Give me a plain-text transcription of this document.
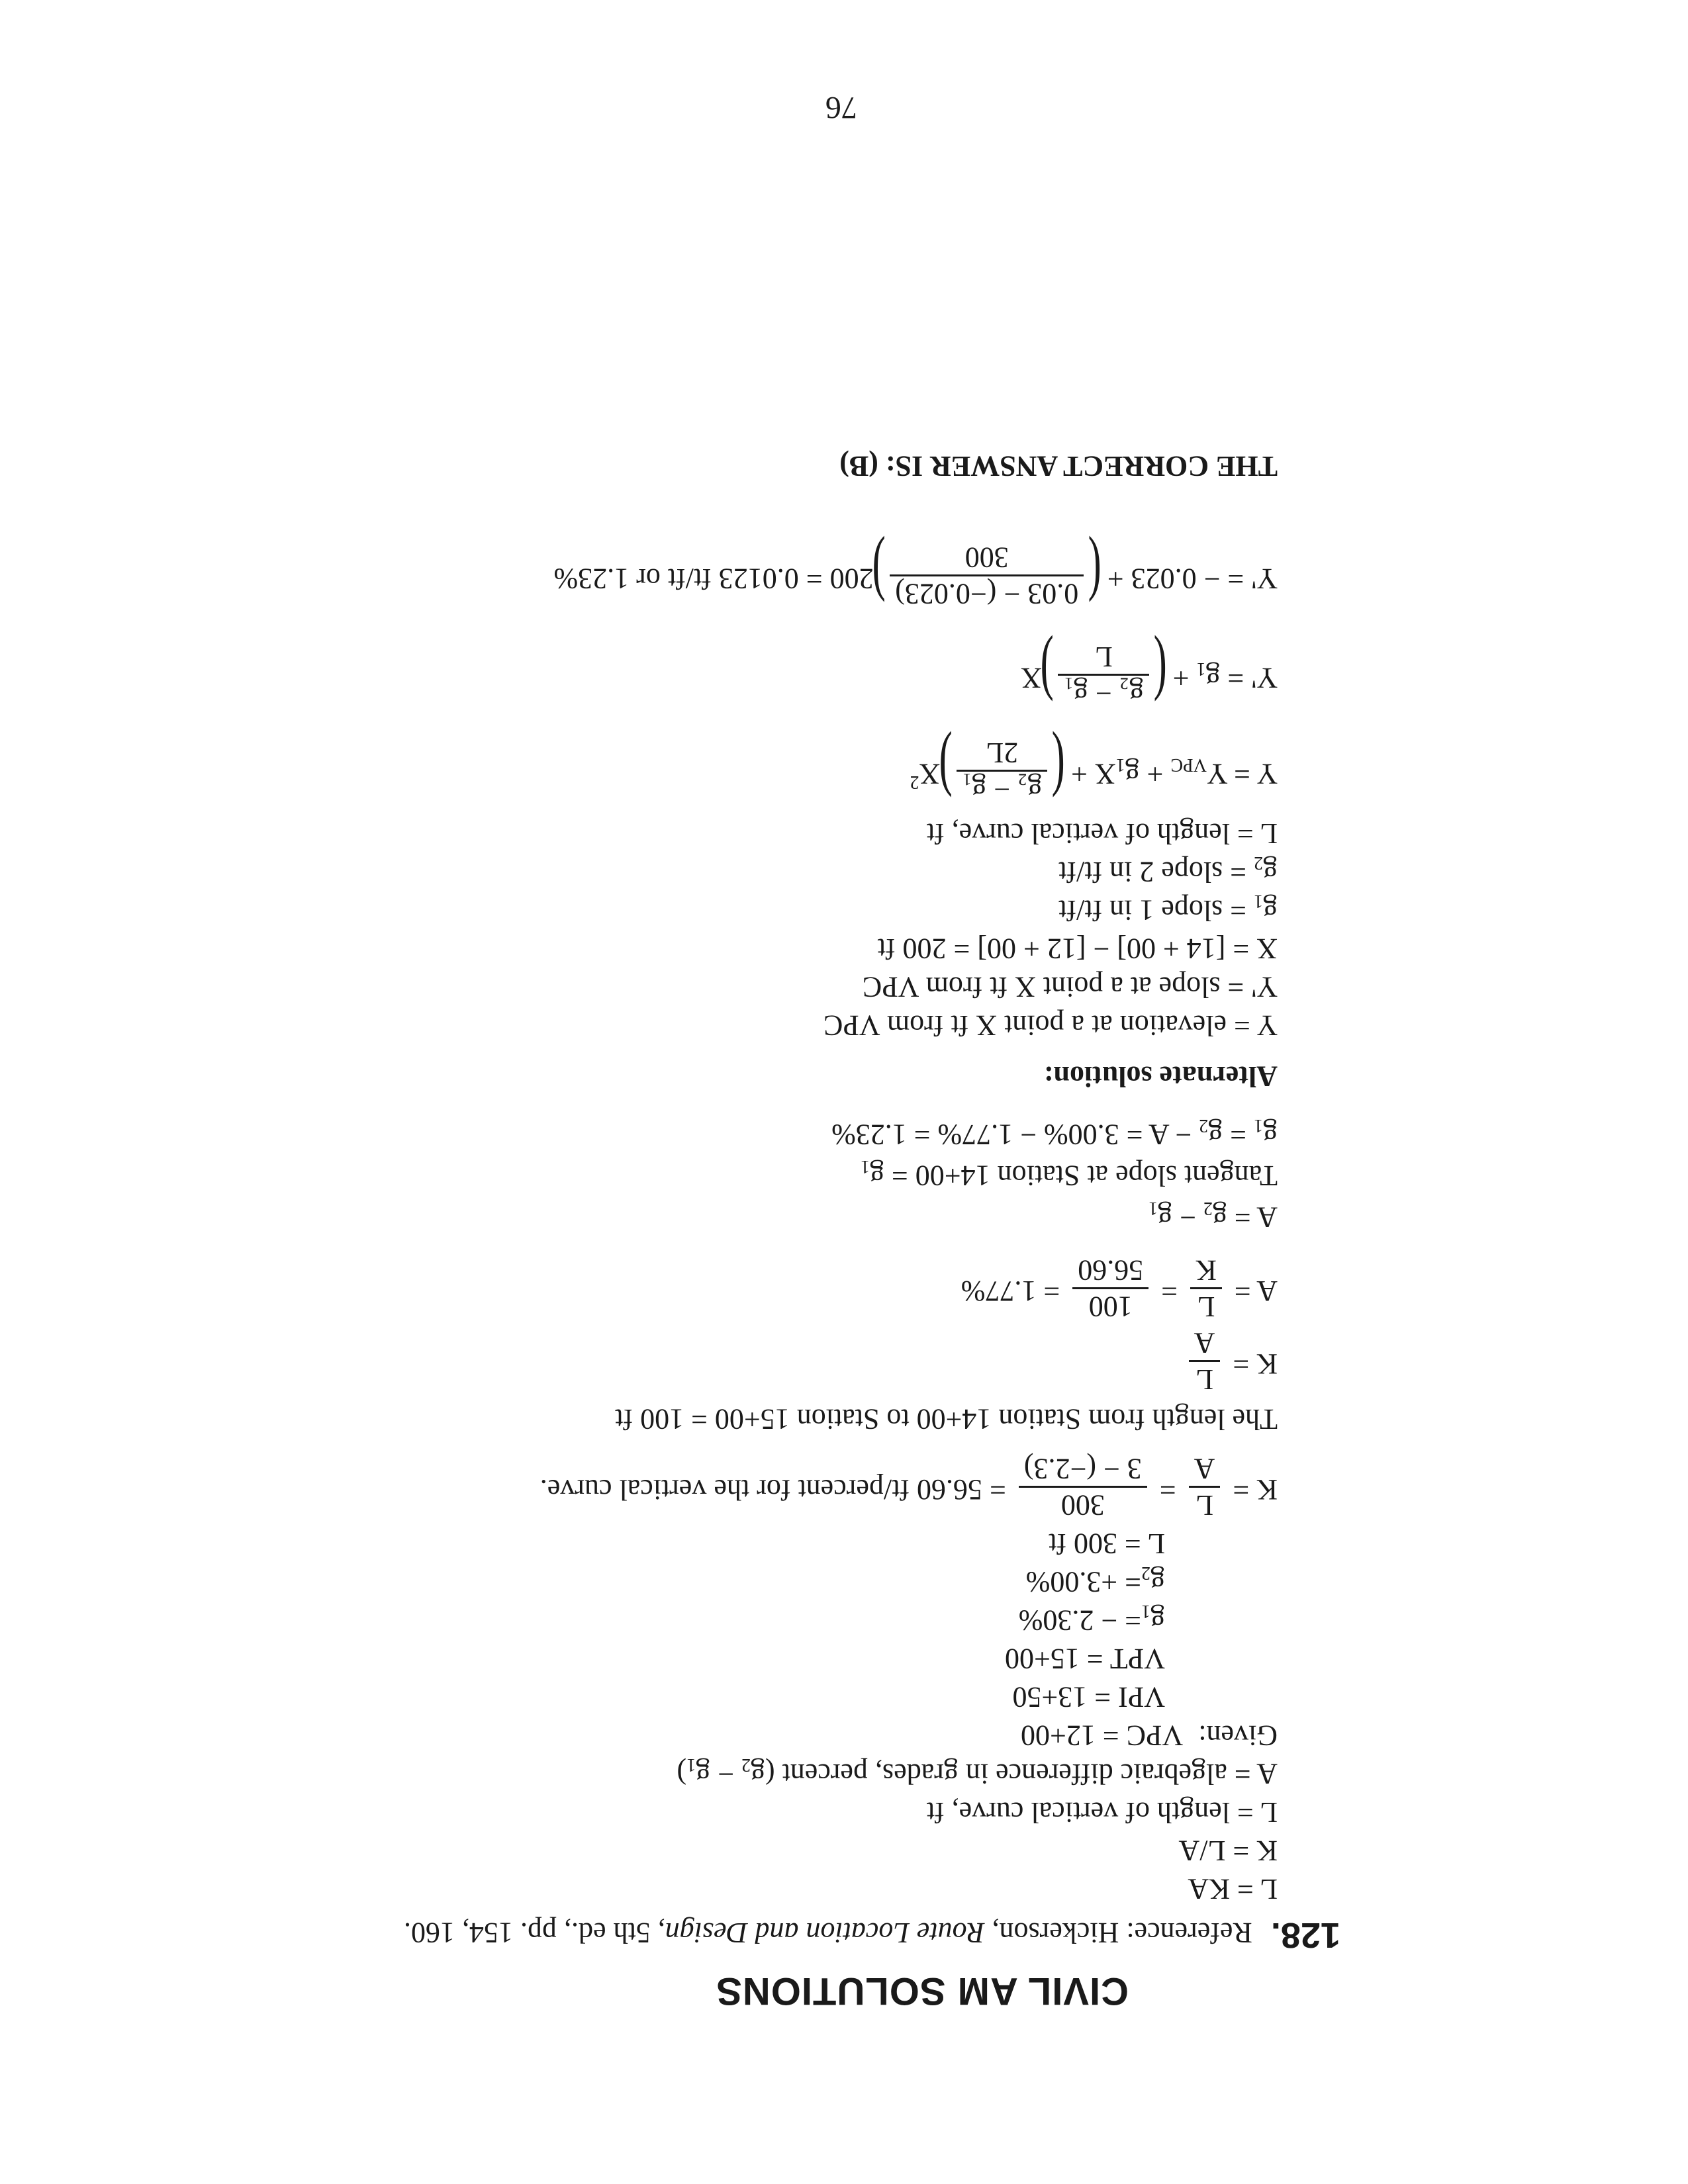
CIVIL AM SOLUTIONS
128. Reference: Hickerson, Route Location and Design, 5th ed., pp. 154, 160.
L = KA
K = L/A
L = length of vertical curve, ft
A = algebraic difference in grades, percent $(g_2 - g_1)$
Given: VPC = 12+00
VPI = 13+50
VPT = 15+00
$g_1= - 2.30\%$
$g_2= +3.00\%$
L = 300 ft
K =
L
A
=
300
3 − (−2.3)
= 56.60 ft/percent for the vertical curve.
The length from Station 14+00 to Station 15+00 = 100 ft
K =
L
A
A =
L
K
=
100
56.60
= 1.77%
$A = g_2 - g_1$
Tangent slope at Station $14+00 = g_1$
$g_1 = g_2 - A = 3.00\% - 1.77\% = 1.23\%$
Alternate solution:
Y = elevation at a point X ft from VPC
Y' = slope at a point X ft from VPC
X = [14 + 00] − [12 + 00] = 200 ft
$g_1$ = slope 1 in ft/ft
$g_2$ = slope 2 in ft/ft
L = length of vertical curve, ft
$Y = Y_{VPC} + g_1X$ + (
g₂ − g₁
2L
)$X^2$
$Y' = g_1$ + (
g₂ − g₁
L
)X
Y' = − 0.023 + (
0.03 − (−0.023)
300
)200 = 0.0123 ft/ft or 1.23%
THE CORRECT ANSWER IS: (B)
76
